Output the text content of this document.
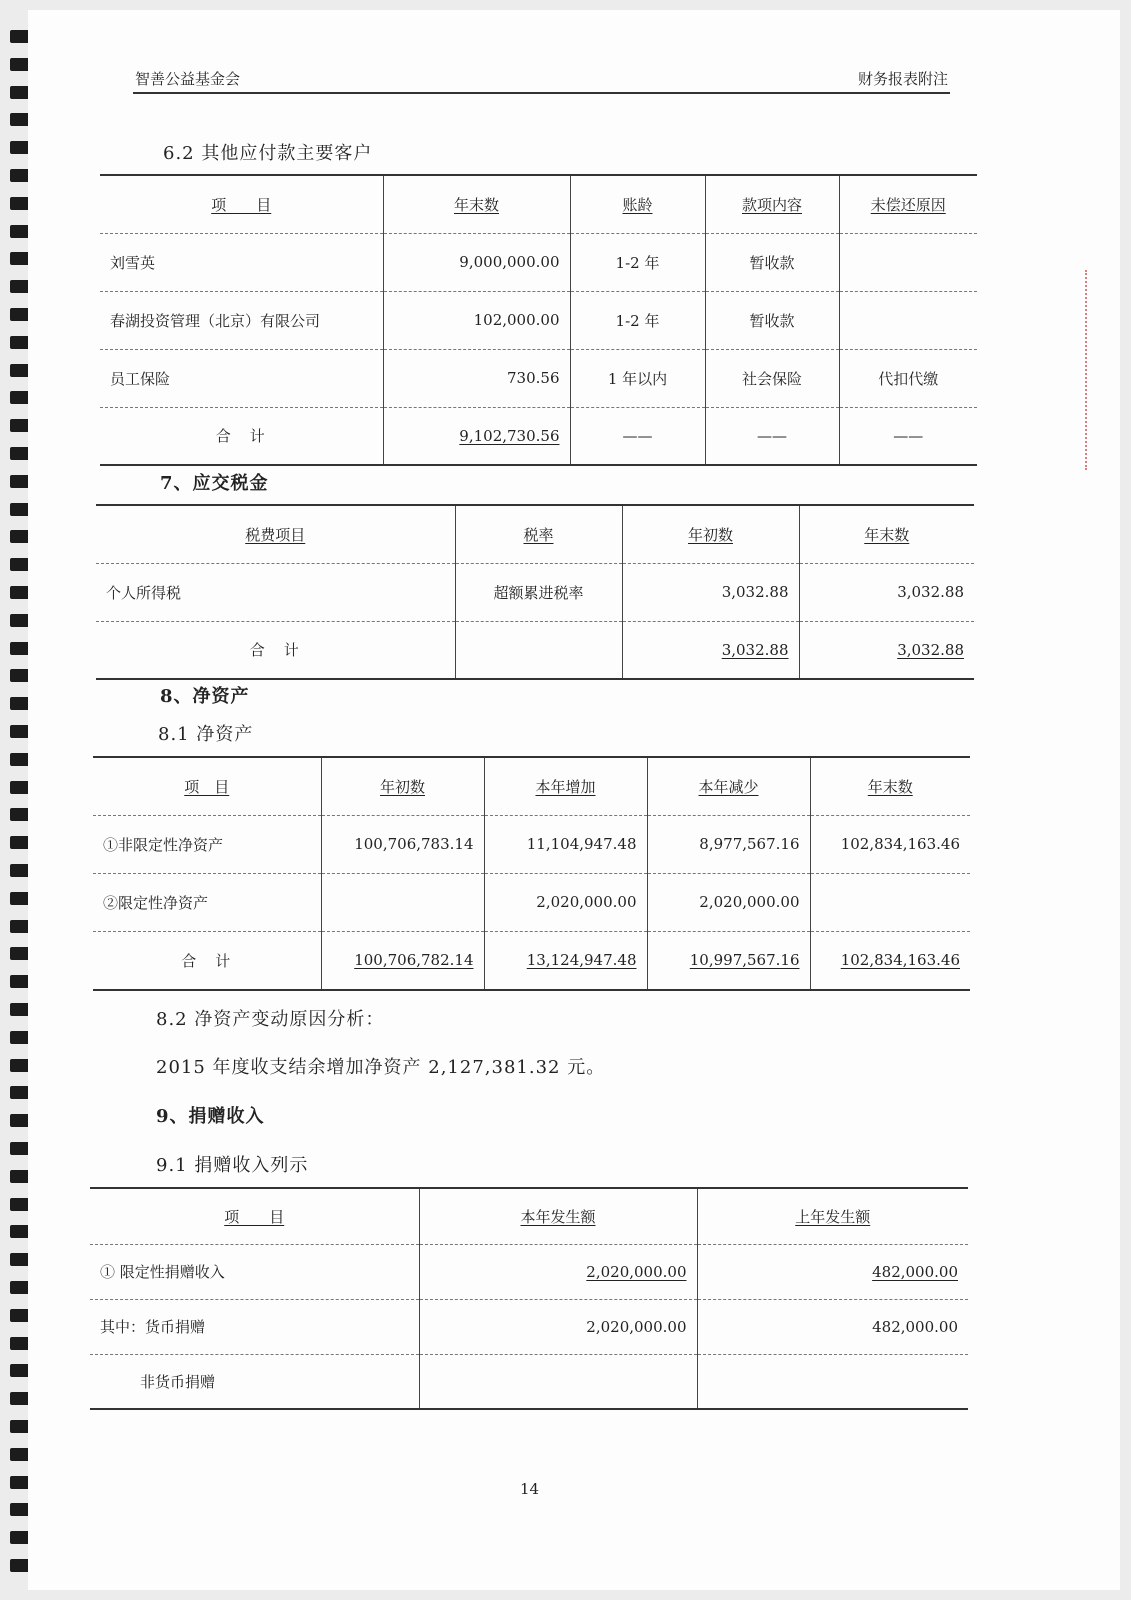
智善公益基金会	财务报表附注
6.2 其他应付款主要客户
项　　目	年末数	账龄	款项内容	未偿还原因
刘雪英	9,000,000.00	1-2 年	暂收款	
春湖投资管理（北京）有限公司	102,000.00	1-2 年	暂收款	
员工保险	730.56	1 年以内	社会保险	代扣代缴
合　计	9,102,730.56	——	——	——
7、应交税金
税费项目	税率	年初数	年末数
个人所得税	超额累进税率	3,032.88	3,032.88
合　计		3,032.88	3,032.88
8、净资产
8.1 净资产
项　目	年初数	本年增加	本年减少	年末数
①非限定性净资产	100,706,783.14	11,104,947.48	8,977,567.16	102,834,163.46
②限定性净资产		2,020,000.00	2,020,000.00	
合　计	100,706,782.14	13,124,947.48	10,997,567.16	102,834,163.46
8.2 净资产变动原因分析：
2015 年度收支结余增加净资产 2,127,381.32 元。
9、捐赠收入
9.1 捐赠收入列示
项　　目	本年发生额	上年发生额
① 限定性捐赠收入	2,020,000.00	482,000.00
其中：货币捐赠	2,020,000.00	482,000.00
非货币捐赠		
14
